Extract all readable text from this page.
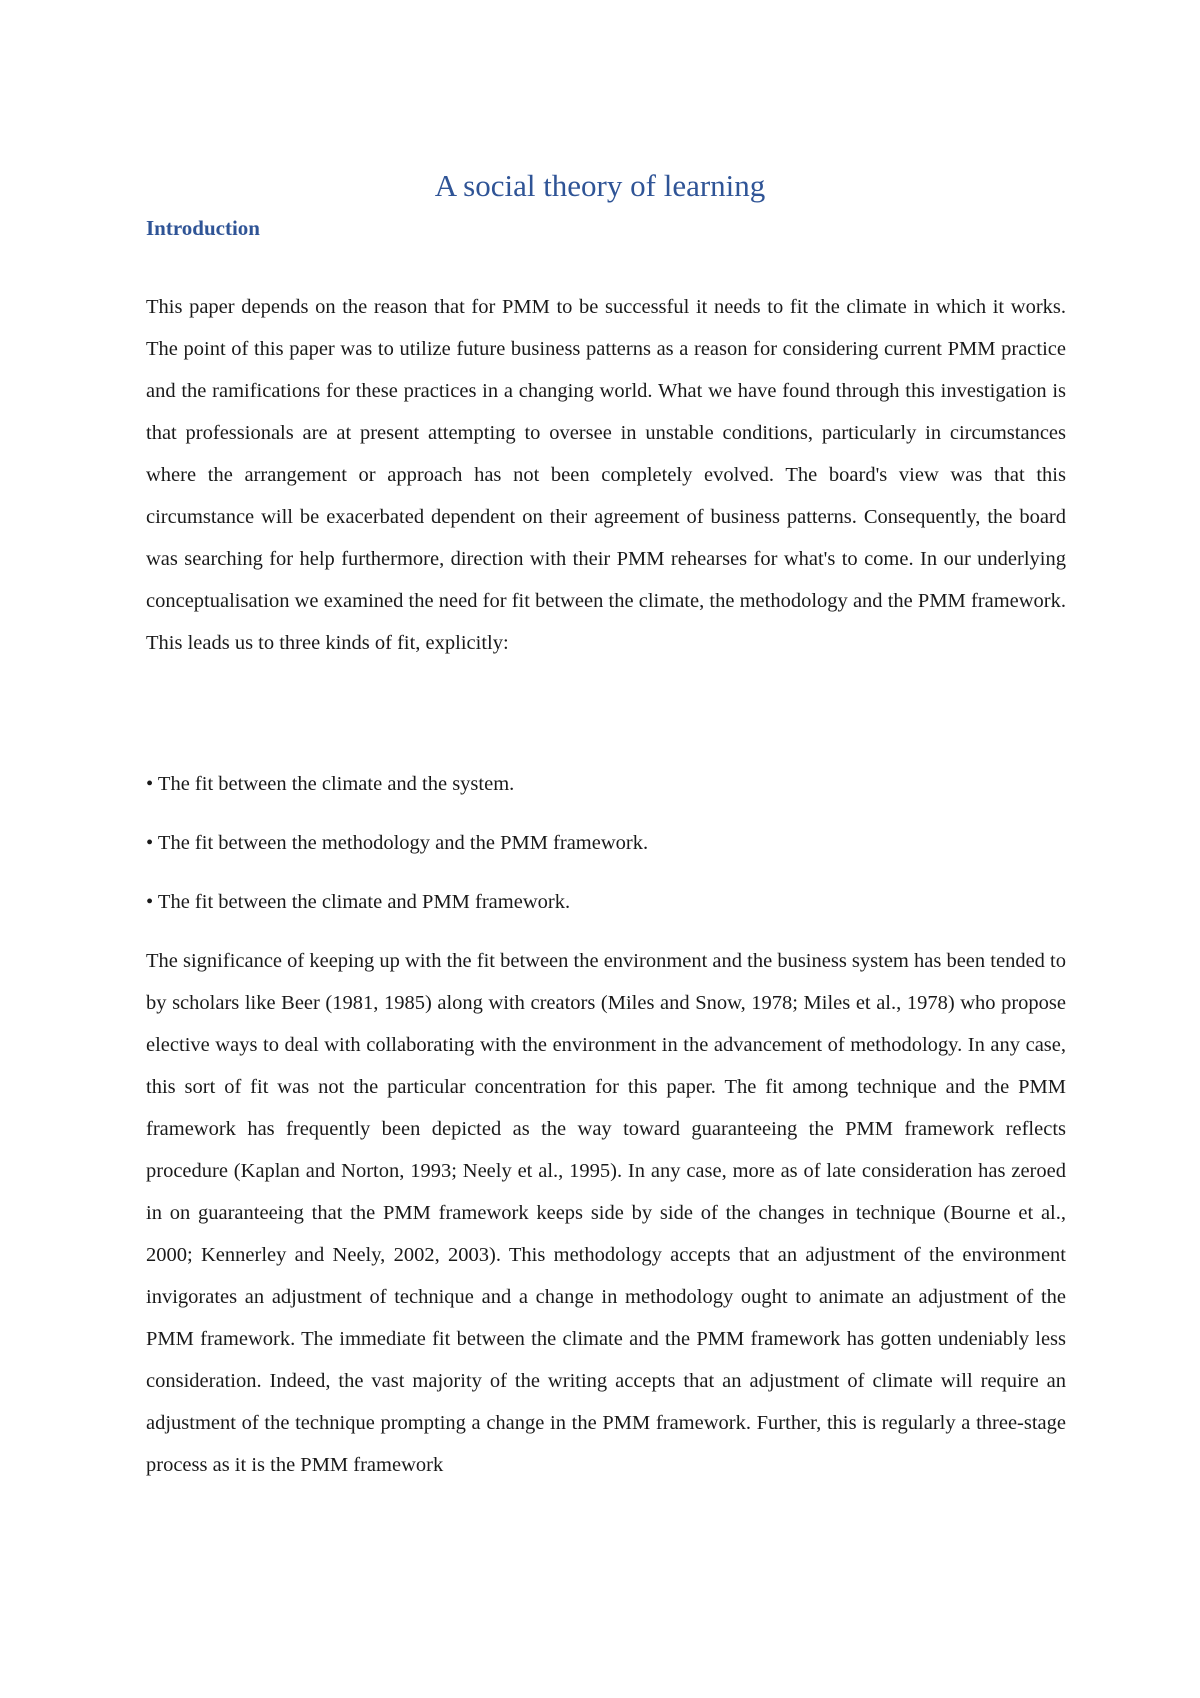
A social theory of learning
Introduction

This paper depends on the reason that for PMM to be successful it needs to fit the climate in which it works. The point of this paper was to utilize future business patterns as a reason for considering current PMM practice and the ramifications for these practices in a changing world. What we have found through this investigation is that professionals are at present attempting to oversee in unstable conditions, particularly in circumstances where the arrangement or approach has not been completely evolved. The board's view was that this circumstance will be exacerbated dependent on their agreement of business patterns. Consequently, the board was searching for help furthermore, direction with their PMM rehearses for what's to come. In our underlying conceptualisation we examined the need for fit between the climate, the methodology and the PMM framework. This leads us to three kinds of fit, explicitly:

• The fit between the climate and the system.

• The fit between the methodology and the PMM framework.

• The fit between the climate and PMM framework.

The significance of keeping up with the fit between the environment and the business system has been tended to by scholars like Beer (1981, 1985) along with creators (Miles and Snow, 1978; Miles et al., 1978) who propose elective ways to deal with collaborating with the environment in the advancement of methodology. In any case, this sort of fit was not the particular concentration for this paper. The fit among technique and the PMM framework has frequently been depicted as the way toward guaranteeing the PMM framework reflects procedure (Kaplan and Norton, 1993; Neely et al., 1995). In any case, more as of late consideration has zeroed in on guaranteeing that the PMM framework keeps side by side of the changes in technique (Bourne et al., 2000; Kennerley and Neely, 2002, 2003). This methodology accepts that an adjustment of the environment invigorates an adjustment of technique and a change in methodology ought to animate an adjustment of the PMM framework. The immediate fit between the climate and the PMM framework has gotten undeniably less consideration. Indeed, the vast majority of the writing accepts that an adjustment of climate will require an adjustment of the technique prompting a change in the PMM framework. Further, this is regularly a three-stage process as it is the PMM framework
